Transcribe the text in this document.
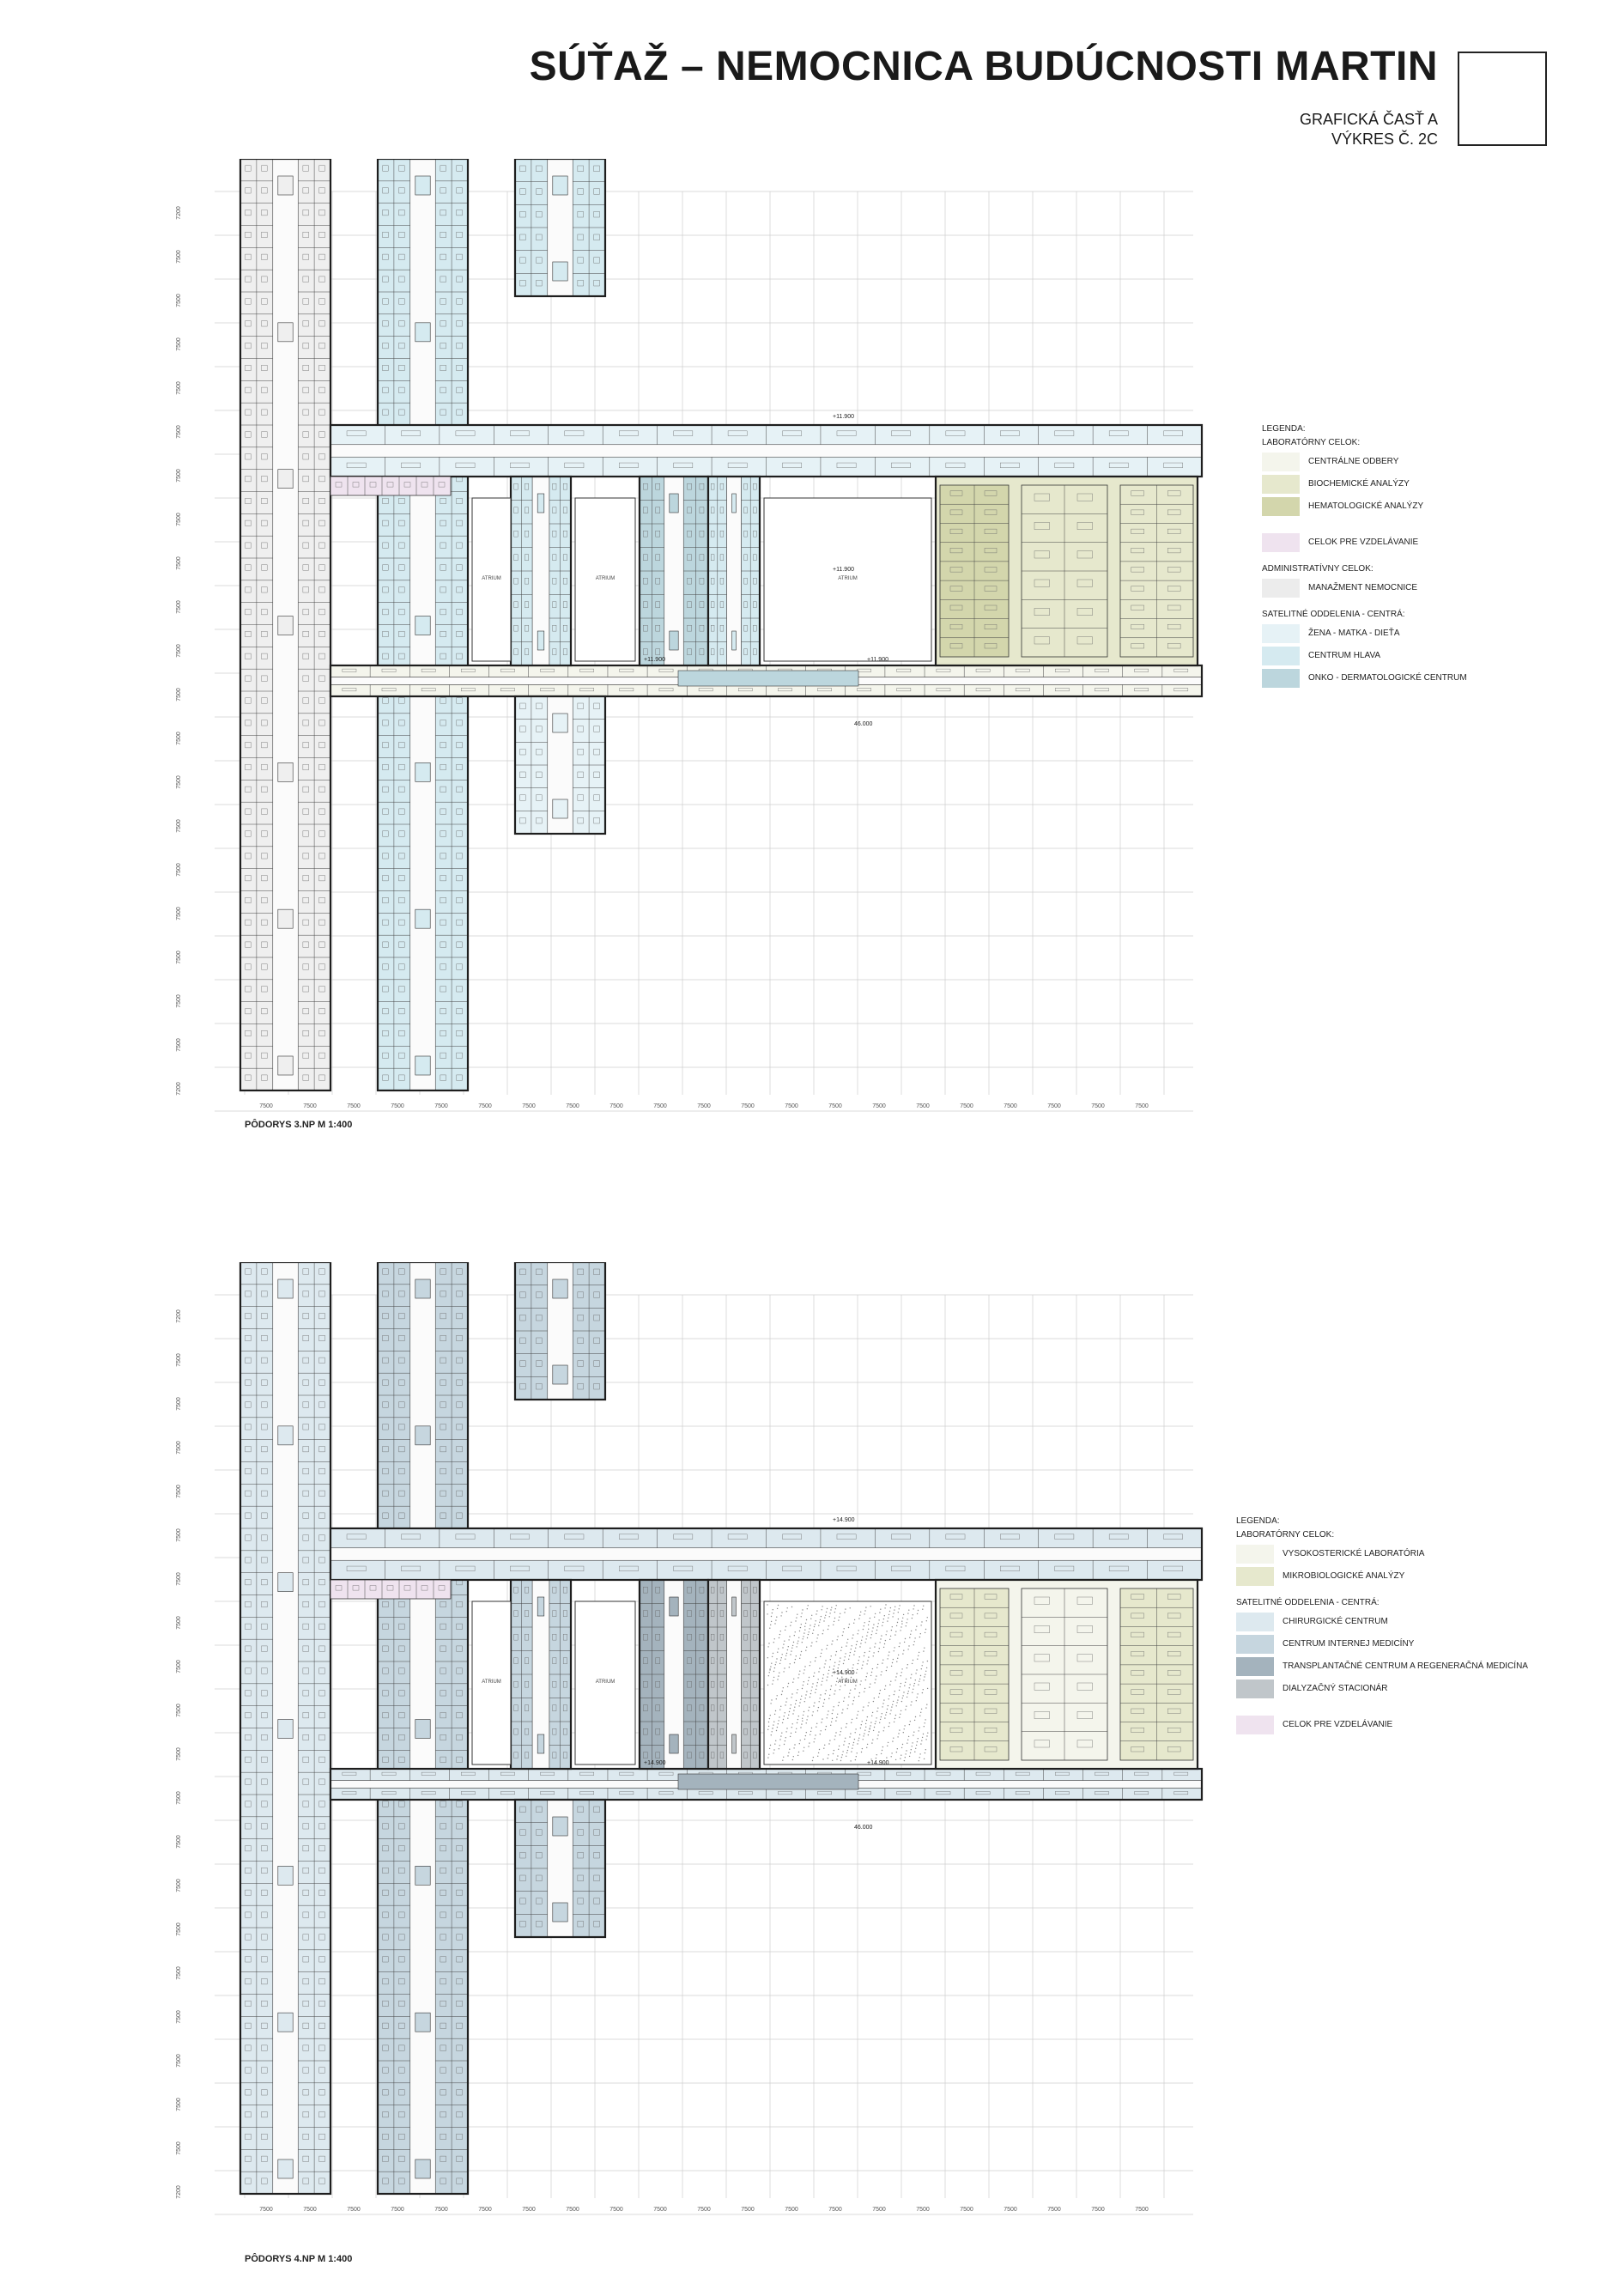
SÚŤAŽ – NEMOCNICA BUDÚCNOSTI MARTIN
GRAFICKÁ ČASŤ A
VÝKRES Č. 2C
7500	7500	7500	7500	7500	7500	7500	7500	7500	7500	7500	7500	7500	7500	7500	7500	7500	7500	7500	7500	7500
7200
7500
7500
7500
7500
7500
7500
7500
7500
7500
7500
7500
7500
7500
7500
7500
7500
7500
7500
7500
7200
ATRIUM	ATRIUM	ATRIUM
+11.900
+11.900	+11.900
+11.900
46.000
PÔDORYS 3.NP M 1:400
LEGENDA:
LABORATÓRNY CELOK:
CENTRÁLNE ODBERY
BIOCHEMICKÉ ANALÝZY
HEMATOLOGICKÉ ANALÝZY
CELOK PRE VZDELÁVANIE
ADMINISTRATÍVNY CELOK:
MANAŽMENT NEMOCNICE
SATELITNÉ ODDELENIA - CENTRÁ:
ŽENA - MATKA - DIEŤA
CENTRUM HLAVA
ONKO - DERMATOLOGICKÉ CENTRUM
7500	7500	7500	7500	7500	7500	7500	7500	7500	7500	7500	7500	7500	7500	7500	7500	7500	7500	7500	7500	7500
7200
7500
7500
7500
7500
7500
7500
7500
7500
7500
7500
7500
7500
7500
7500
7500
7500
7500
7500
7500
7200
ATRIUM	ATRIUM	ATRIUM
+14.900
+14.900	+14.900
+14.900
46.000
PÔDORYS 4.NP M 1:400
LEGENDA:
LABORATÓRNY CELOK:
VYSOKOSTERICKÉ LABORATÓRIA
MIKROBIOLOGICKÉ ANALÝZY
SATELITNÉ ODDELENIA - CENTRÁ:
CHIRURGICKÉ CENTRUM
CENTRUM INTERNEJ MEDICÍNY
TRANSPLANTAČNÉ CENTRUM A REGENERAČNÁ MEDICÍNA
DIALYZAČNÝ STACIONÁR
CELOK PRE VZDELÁVANIE
